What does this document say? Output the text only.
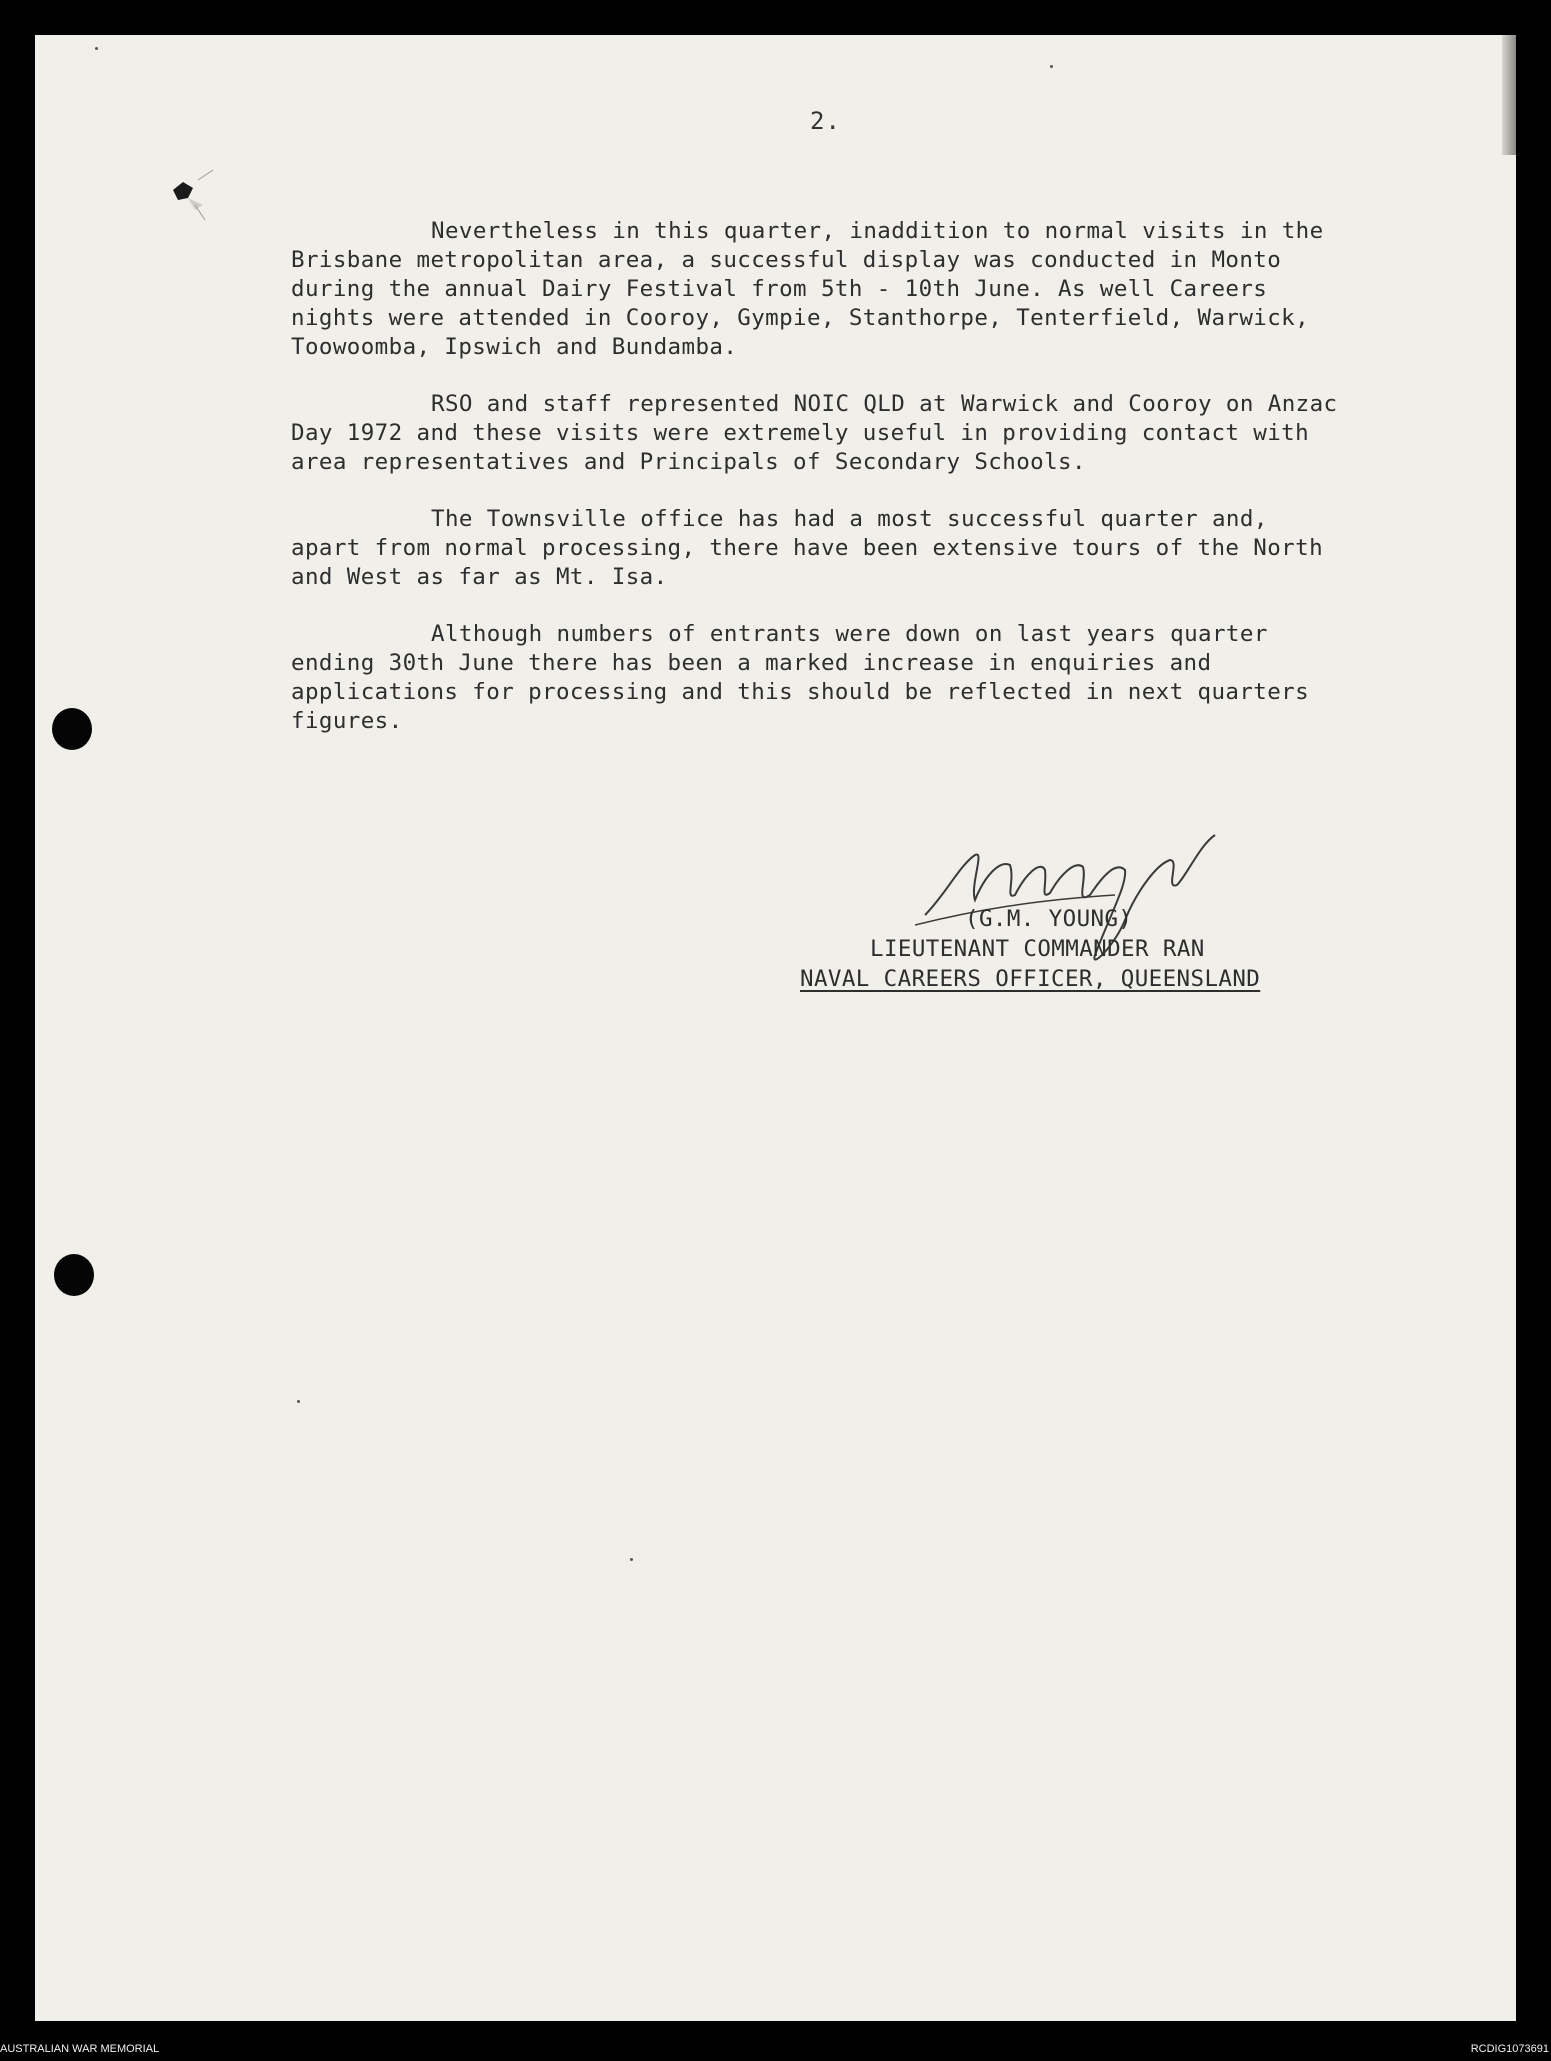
2.

Nevertheless in this quarter, inaddition to normal visits in the Brisbane metropolitan area, a successful display was conducted in Monto during the annual Dairy Festival from 5th - 10th June. As well Careers nights were attended in Cooroy, Gympie, Stanthorpe, Tenterfield, Warwick, Toowoomba, Ipswich and Bundamba.

RSO and staff represented NOIC QLD at Warwick and Cooroy on Anzac Day 1972 and these visits were extremely useful in providing contact with area representatives and Principals of Secondary Schools.

The Townsville office has had a most successful quarter and, apart from normal processing, there have been extensive tours of the North and West as far as Mt. Isa.

Although numbers of entrants were down on last years quarter ending 30th June there has been a marked increase in enquiries and applications for processing and this should be reflected in next quarters figures.

(G.M. YOUNG)
LIEUTENANT COMMANDER RAN
NAVAL CAREERS OFFICER, QUEENSLAND
AUSTRALIAN WAR MEMORIAL	RCDIG1073691
